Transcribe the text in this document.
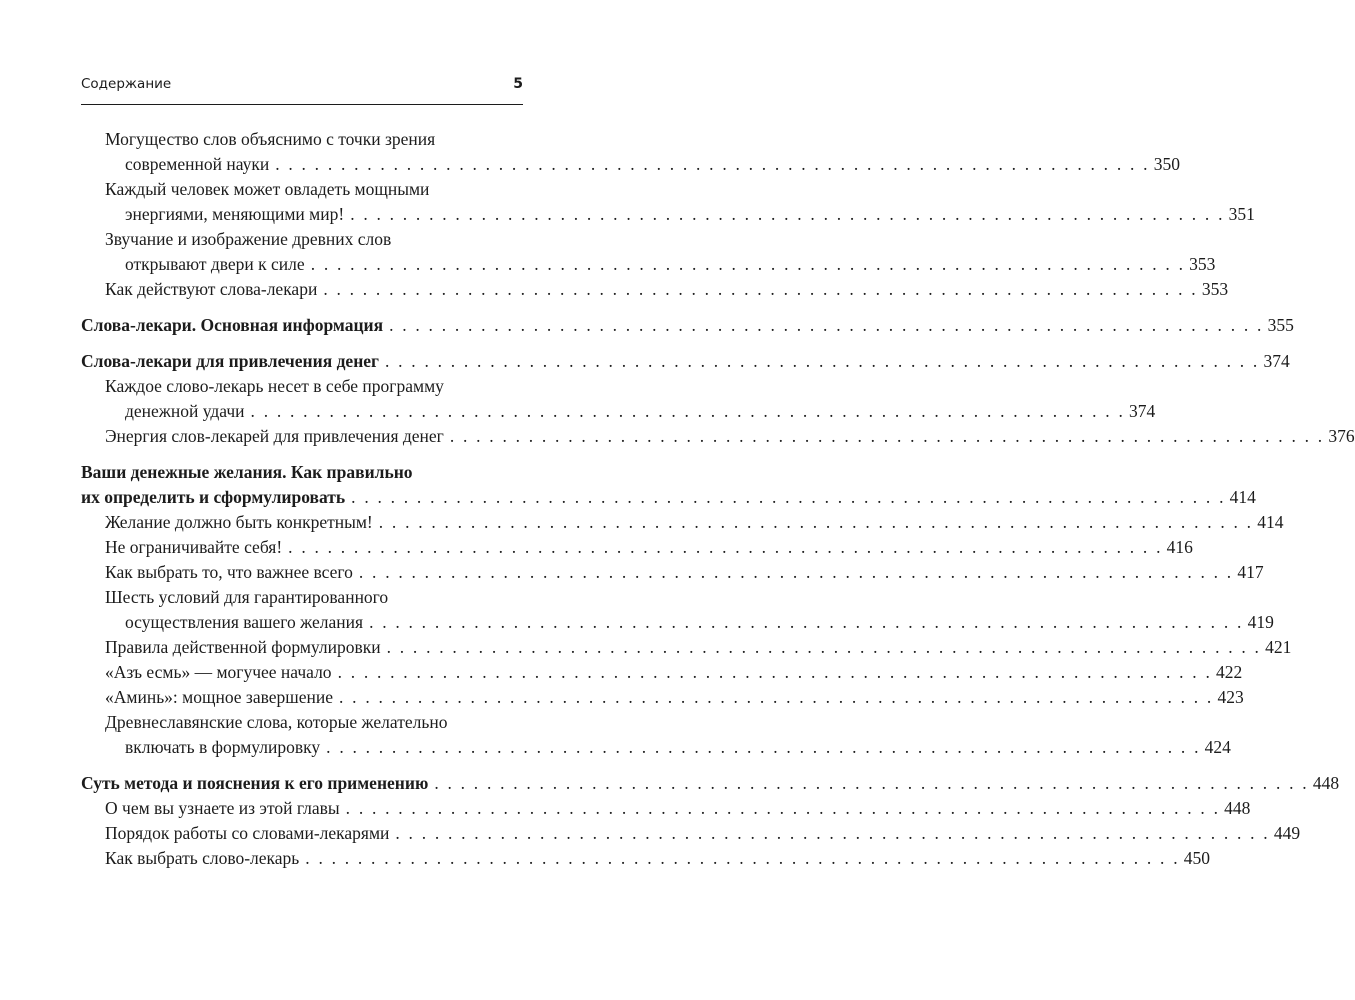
Содержание	5
Могущество слов объяснимо с точки зрения
современной науки . . . . . . . . . . . . . . . . . . . . . . . . . . . . . . . . . . . . . . . . . . . . . . . . . . . . . . . . . . . . . . . . . . . 350
Каждый человек может овладеть мощными
энергиями, меняющими мир! . . . . . . . . . . . . . . . . . . . . . . . . . . . . . . . . . . . . . . . . . . . . . . . . . . . . . . . . . . . . . . . . . . . 351
Звучание и изображение древних слов
открывают двери к силе . . . . . . . . . . . . . . . . . . . . . . . . . . . . . . . . . . . . . . . . . . . . . . . . . . . . . . . . . . . . . . . . . . . 353
Как действуют слова-лекари . . . . . . . . . . . . . . . . . . . . . . . . . . . . . . . . . . . . . . . . . . . . . . . . . . . . . . . . . . . . . . . . . . . 353
Слова-лекари. Основная информация . . . . . . . . . . . . . . . . . . . . . . . . . . . . . . . . . . . . . . . . . . . . . . . . . . . . . . . . . . . . . . . . . . . 355
Слова-лекари для привлечения денег . . . . . . . . . . . . . . . . . . . . . . . . . . . . . . . . . . . . . . . . . . . . . . . . . . . . . . . . . . . . . . . . . . . 374
Каждое слово-лекарь несет в себе программу
денежной удачи . . . . . . . . . . . . . . . . . . . . . . . . . . . . . . . . . . . . . . . . . . . . . . . . . . . . . . . . . . . . . . . . . . . 374
Энергия слов-лекарей для привлечения денег . . . . . . . . . . . . . . . . . . . . . . . . . . . . . . . . . . . . . . . . . . . . . . . . . . . . . . . . . . . . . . . . . . . 376
Ваши денежные желания. Как правильно
их определить и сформулировать . . . . . . . . . . . . . . . . . . . . . . . . . . . . . . . . . . . . . . . . . . . . . . . . . . . . . . . . . . . . . . . . . . . 414
Желание должно быть конкретным! . . . . . . . . . . . . . . . . . . . . . . . . . . . . . . . . . . . . . . . . . . . . . . . . . . . . . . . . . . . . . . . . . . . 414
Не ограничивайте себя! . . . . . . . . . . . . . . . . . . . . . . . . . . . . . . . . . . . . . . . . . . . . . . . . . . . . . . . . . . . . . . . . . . . 416
Как выбрать то, что важнее всего . . . . . . . . . . . . . . . . . . . . . . . . . . . . . . . . . . . . . . . . . . . . . . . . . . . . . . . . . . . . . . . . . . . 417
Шесть условий для гарантированного
осуществления вашего желания . . . . . . . . . . . . . . . . . . . . . . . . . . . . . . . . . . . . . . . . . . . . . . . . . . . . . . . . . . . . . . . . . . . 419
Правила действенной формулировки . . . . . . . . . . . . . . . . . . . . . . . . . . . . . . . . . . . . . . . . . . . . . . . . . . . . . . . . . . . . . . . . . . . 421
«Азъ есмь» — могучее начало . . . . . . . . . . . . . . . . . . . . . . . . . . . . . . . . . . . . . . . . . . . . . . . . . . . . . . . . . . . . . . . . . . . 422
«Аминь»: мощное завершение . . . . . . . . . . . . . . . . . . . . . . . . . . . . . . . . . . . . . . . . . . . . . . . . . . . . . . . . . . . . . . . . . . . 423
Древнеславянские слова, которые желательно
включать в формулировку . . . . . . . . . . . . . . . . . . . . . . . . . . . . . . . . . . . . . . . . . . . . . . . . . . . . . . . . . . . . . . . . . . . 424
Суть метода и пояснения к его применению . . . . . . . . . . . . . . . . . . . . . . . . . . . . . . . . . . . . . . . . . . . . . . . . . . . . . . . . . . . . . . . . . . . 448
О чем вы узнаете из этой главы . . . . . . . . . . . . . . . . . . . . . . . . . . . . . . . . . . . . . . . . . . . . . . . . . . . . . . . . . . . . . . . . . . . 448
Порядок работы со словами-лекарями . . . . . . . . . . . . . . . . . . . . . . . . . . . . . . . . . . . . . . . . . . . . . . . . . . . . . . . . . . . . . . . . . . . 449
Как выбрать слово-лекарь . . . . . . . . . . . . . . . . . . . . . . . . . . . . . . . . . . . . . . . . . . . . . . . . . . . . . . . . . . . . . . . . . . . 450
